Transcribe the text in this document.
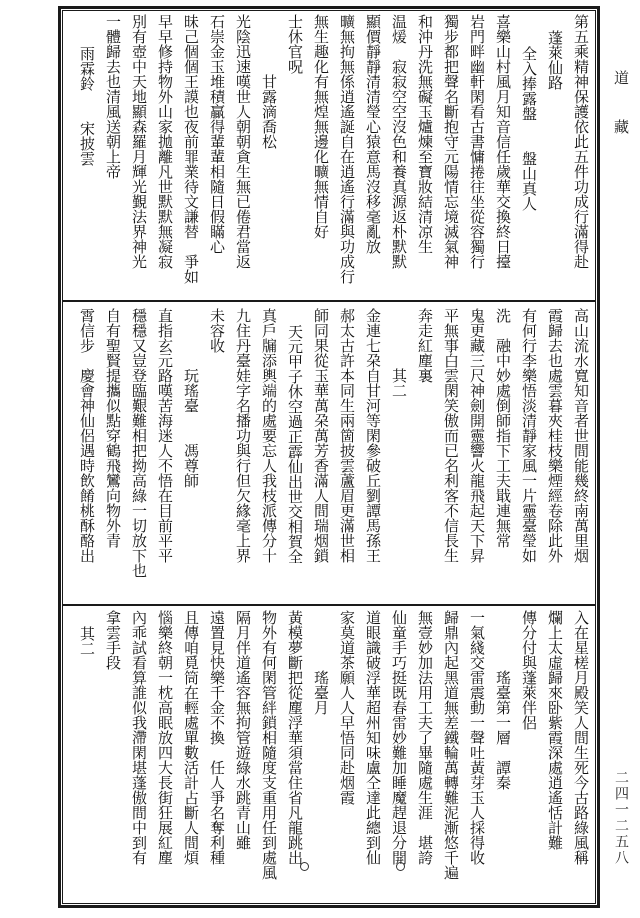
道藏
二四一二五八
第五乘精神保護依此五件功成行滿得赴
蓬萊仙路
全入捧露盤　　盤山真人
喜樂山村風月知音信任歲華交換終日擡
岩門畔幽軒閑看古書慵捲往坐從容獨行
獨步都把聲名斷抱守元陽情忘境滅氣神
和沖丹洗無礙玉爐煉至寶妝結清凉生
温煖　寂寂空空沒色和養真源返朴默默
顯價靜靜清清瑩心猿意馬沒移毫亂放
曠無拘無係逍遙誕自在逍遙行滿與功成行
無生趣化有無煌無邊化曠無情自好
士休官呪
甘露滴喬松
光陰迅速嘆世人朝朝貪生無已倦君當返
石崇金玉堆積贏得輩輩相隨日假瞞心
昧己個個王謨也夜前罪業待文謙替　爭如
早早修持物外山家拋離凡世默默無凝寂
別有壺中天地顯森羅月輝光覲法界神光
一體歸去也清風送朝上帝
雨霖鈴　　宋披雲
高山流水寬知音者世間能幾終南萬里烟
霞歸去也處雲暮夾桂枝樂煙經卷除此外
有何行李樂悟淡清靜家風一片靈臺瑩如
洗　融中妙處倒師指下工夫戢連無常
鬼更藏三尺神劍開靈響火龍飛起天下昇
平無事白雲閑笑傲而已名利客不信長生
奔走紅塵裏
其二
金連七朶自甘河等閑參破丘劉譚馬孫王
郝太古許本同生兩箇披雲蘆眉更滿世相
師同果從玉華萬朶萬芳香滿人間瑞烟鎖
天元甲子休空過正霹仙出世交相賀全
真戶牖添輿端的處要忘人我枝派傳分十
九住丹臺娃字名播功與行但欠緣毫上界
未容收
玩瑤臺　　馮尊師
直指玄元路嘆苦海迷人不悟在目前平平
穩穩又豈登臨艱難相把拗高綠一切放下也
自有聖賢提攜似點穿鶴飛鸞向物外青
霄信步　慶會神仙侶遇時飲餚桃酥酪出
入在星槎月殿笑人間生死今古路綠風稱
爛上太虛歸來卧紫霞深處逍遙恬計難
傳分付與蓬萊伴侶
瑤臺第一層　譚秦
一氣綫交雷震動一聲吐黃芽玉人採得收
歸鼎內起黑道無差鐵輪萬轉難泥漸悠千遍
無壹妙加法用工夫了畢隨處生涯　堪誇
仙童手巧挺既春雷妙難加睡魔趕退分開
道眼識破浮華超州知味盧仝達此總到仙
家莫道茶願人人早悟同赴烟霞
瑤臺月
黃模夢斷把從塵浮華須當住省凡龍跳出
物外有何閑管絆鎖相隨度支重用任到處風
隔月伴道遙容無拘管遊綠水跳青山雖
遠置見快樂千金不換　任人爭名奪利種
且傳咱覓筒在輕處單數活計占斷人間煩
惱樂終朝一枕高眠放四大長街狂展紅塵
內乖試看算誰似我滯閑堪蓬傲間中到有
拿雲手段
其二
